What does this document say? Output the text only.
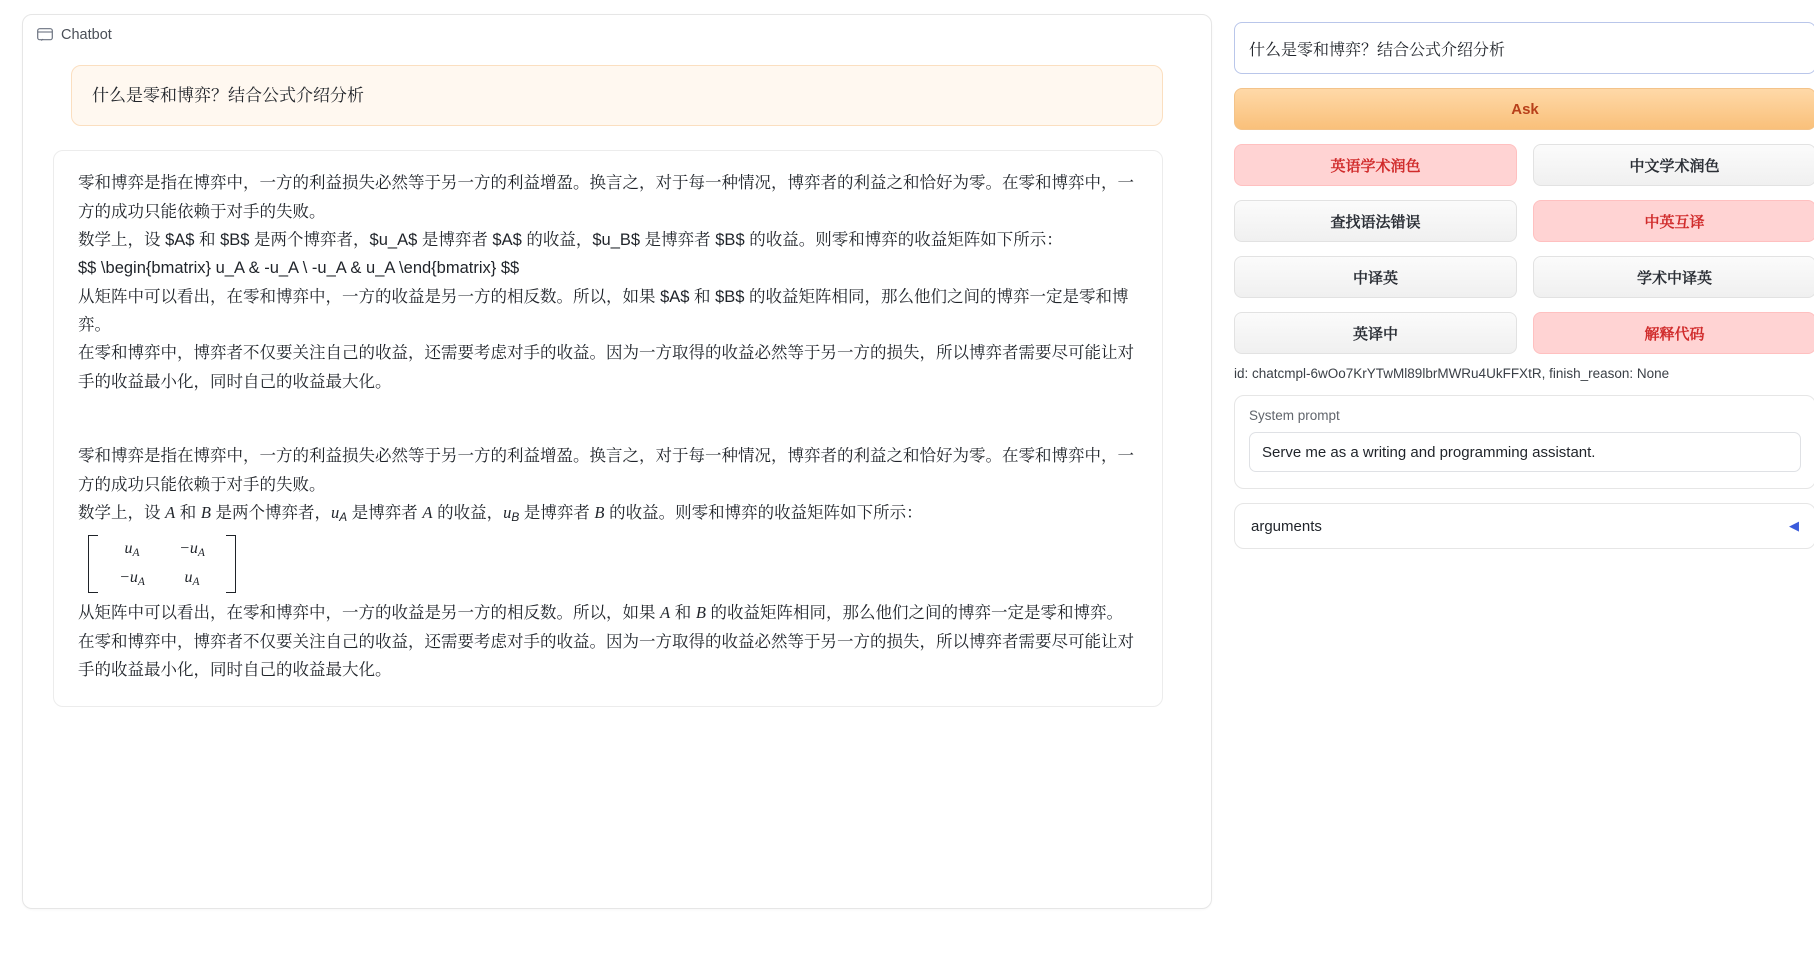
Chatbot
什么是零和博弈？结合公式介绍分析

零和博弈是指在博弈中，一方的利益损失必然等于另一方的利益增盈。换言之，对于每一种情况，博弈者的利益之和恰好为零。在零和博弈中，一方的成功只能依赖于对手的失败。

数学上，设 $A$ 和 $B$ 是两个博弈者，$u_A$ 是博弈者 $A$ 的收益，$u_B$ 是博弈者 $B$ 的收益。则零和博弈的收益矩阵如下所示：

$$ \begin{bmatrix} u_A & -u_A \ -u_A & u_A \end{bmatrix} $$

从矩阵中可以看出，在零和博弈中，一方的收益是另一方的相反数。所以，如果 $A$ 和 $B$ 的收益矩阵相同，那么他们之间的博弈一定是零和博弈。

在零和博弈中，博弈者不仅要关注自己的收益，还需要考虑对手的收益。因为一方取得的收益必然等于另一方的损失，所以博弈者需要尽可能让对手的收益最小化，同时自己的收益最大化。

零和博弈是指在博弈中，一方的利益损失必然等于另一方的利益增盈。换言之，对于每一种情况，博弈者的利益之和恰好为零。在零和博弈中，一方的成功只能依赖于对手的失败。

数学上，设 A 和 B 是两个博弈者，$u_A$ 是博弈者 A 的收益，$u_B$ 是博弈者 B 的收益。则零和博弈的收益矩阵如下所示：

$u_A -u_A$
$-u_A$ $u_A$

从矩阵中可以看出，在零和博弈中，一方的收益是另一方的相反数。所以，如果 A 和 B 的收益矩阵相同，那么他们之间的博弈一定是零和博弈。

在零和博弈中，博弈者不仅要关注自己的收益，还需要考虑对手的收益。因为一方取得的收益必然等于另一方的损失，所以博弈者需要尽可能让对手的收益最小化，同时自己的收益最大化。

什么是零和博弈？结合公式介绍分析
Ask
英语学术润色	中文学术润色
查找语法错误	中英互译
中译英	学术中译英
英译中	解释代码
id: chatcmpl-6wOo7KrYTwMl89lbrMWRu4UkFFXtR, finish_reason: None
System prompt
Serve me as a writing and programming assistant.
arguments	◀
